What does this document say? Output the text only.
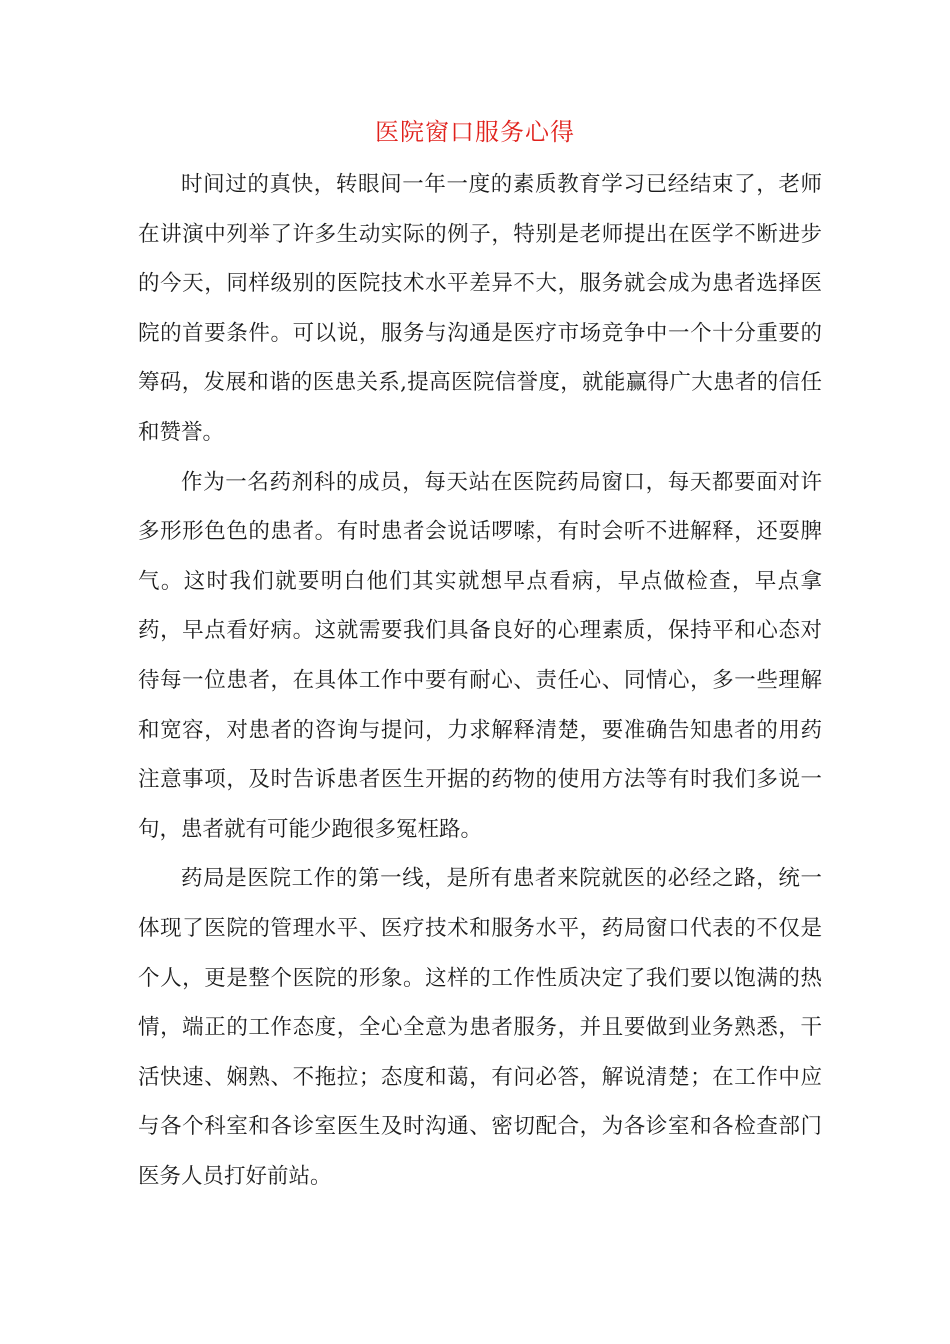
医院窗口服务心得

时间过的真快，转眼间一年一度的素质教育学习已经结束了，老师在讲演中列举了许多生动实际的例子，特别是老师提出在医学不断进步的今天，同样级别的医院技术水平差异不大，服务就会成为患者选择医院的首要条件。可以说，服务与沟通是医疗市场竞争中一个十分重要的筹码，发展和谐的医患关系,提高医院信誉度，就能赢得广大患者的信任和赞誉。

作为一名药剂科的成员，每天站在医院药局窗口，每天都要面对许多形形色色的患者。有时患者会说话啰嗦，有时会听不进解释，还耍脾气。这时我们就要明白他们其实就想早点看病，早点做检查，早点拿药，早点看好病。这就需要我们具备良好的心理素质，保持平和心态对待每一位患者，在具体工作中要有耐心、责任心、同情心，多一些理解和宽容，对患者的咨询与提问，力求解释清楚，要准确告知患者的用药注意事项，及时告诉患者医生开据的药物的使用方法等有时我们多说一句，患者就有可能少跑很多冤枉路。

药局是医院工作的第一线，是所有患者来院就医的必经之路，统一体现了医院的管理水平、医疗技术和服务水平，药局窗口代表的不仅是个人，更是整个医院的形象。这样的工作性质决定了我们要以饱满的热情，端正的工作态度，全心全意为患者服务，并且要做到业务熟悉，干活快速、娴熟、不拖拉；态度和蔼，有问必答，解说清楚；在工作中应与各个科室和各诊室医生及时沟通、密切配合，为各诊室和各检查部门医务人员打好前站。
